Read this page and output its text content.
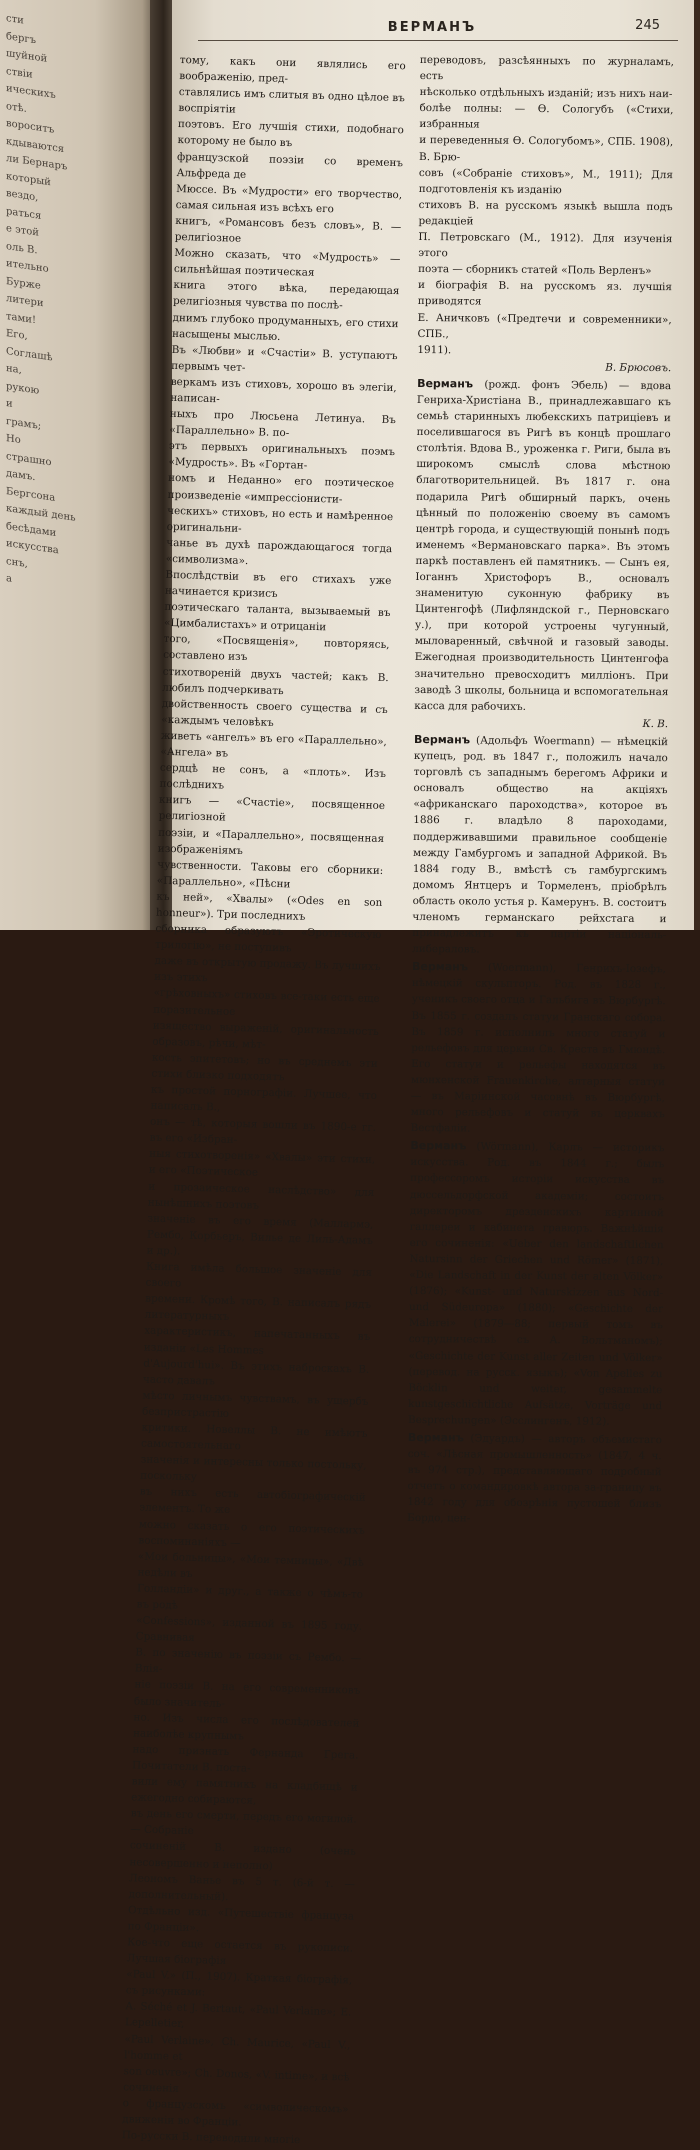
сти
бергъ
шуйной
ствіи
ическихъ
отѣ.
вороситъ
кдываются
ли Бернаръ
который
вездо,
раться
е этой
оль В.
ительно
Бурже
литери
тами!
Его,
Соглашѣ
на,
рукою
и
грамъ;
Но
страшно
дамъ.
Бергсона
каждый день
бесѣдами
искусства
снъ,
а
ВЕРМАНЪ	245

тому, какъ они являлись его воображенію, пред-

ставлялись имъ слитыя въ одно цѣлое въ воспріятіи

поэтовъ. Его лучшія стихи, подобнаго которому не было въ

французской поэзіи со временъ Альфреда де

Мюссе. Въ «Мудрости» его творчество, самая сильная изъ всѣхъ его

книгъ, «Романсовъ безъ словъ», В. — религіозное

Можно сказать, что «Мудрость» — сильнѣйшая поэтическая

книга этого вѣка, передающая религіозныя чувства по послѣ-

днимъ глубоко продуманныхъ, его стихи насыщены мыслью.

Въ «Любви» и «Счастіи» В. уступаютъ первымъ чет-

веркамъ изъ стиховъ, хорошо въ элегіи, написан-

ныхъ про Люсьена Летинуа. Въ «Параллельно» В. по-

этъ первыхъ оригинальныхъ поэмъ «Мудрость». Въ «Гортан-

номъ и Неданно» его поэтическое произведеніе «импрессіонисти-

ческихъ» стиховъ, но есть и намѣренное оригинальни-

чанье въ духѣ парождающагося тогда «символизма».

Впослѣдствіи въ его стихахъ уже начинается кризисъ

поэтическаго таланта, вызываемый въ «Цимбалистахъ» и отрицаніи

того, «Посвященія», повторяясь, составлено изъ

стихотвореній двухъ частей; какъ В. любилъ подчеркивать

двойственность своего существа и съ «каждымъ человѣкъ

живетъ «ангелъ» въ его «Параллельно», «Ангела» въ

сердцѣ не сонъ, а «плоть». Изъ послѣднихъ

книгъ — «Счастіе», посвященное религіозной

поэзіи, и «Параллельно», посвященная изображеніямъ

чувственности. Таковы его сборники: «Параллельно», «Пѣсни

къ ней», «Хвалы» («Odes en son honneur»). Три последнихъ

сборника образуютъ «Эротическую трилогію», не поступивъ

даже въ открытую продажу. Въ лучшихъ изъ этихъ

«грѣховныхъ» стиховъ все-таки есть еще поразительное

изящество выраженій, оригинальность образовъ, рѣчи, мѣт-

кость эпитетовъ; но въ среднемъ эти стихи близко подходятъ

къ простой порнографіи. Лучшее, что написалъ В.,

онъ — тѣ, которыя вошли въ 1890-е гг. въ его «Избран-

ныя стихотворенія» «Хвалы» эти стихи, и его «Поэтическое

и прозаическое наслѣдство» для нынѣшнихъ поэтовъ

значеніе въ его время (Маллармэ, Рембо, Корбьеръ, Вилье де Лиль-Адамъ и др.).

Книга имѣла большое значеніе для своего

времени. Кромѣ того, В. написалъ рядъ литературныхъ

характеристикъ, напечатанныхъ въ изданіи «Les Hommes

d'Aujourd'hui». Въ этихъ наброскахъ В. часто давалъ

мѣсто личнымъ чувствамъ, въ ущербъ безпристрастію

критики. Новеллы В. не имѣютъ самостоятельнаго

значенія и интересны только постольку, поскольку

въ нихъ есть автобіографическій элементъ. То же

можно сказать о его поэтическихъ воспоминаніяхъ —

«Мои больницы», «Мои темницы», «Двѣ недѣли въ

Голландіи» и друг., а также о чѣмъ-то въ родѣ

«Confessions», изданной въ 1895 году. Сравнивая

В. по значенію въ поэзіи съ Рембо. — Влія-

ніе поэзіи В. на его современниковъ было значитель-

но. Изъ числа его послѣдователей наиболѣе крупнымъ

надо признать Фернанда Грега. Почитатели В. поста-

вили ему памятникъ на кладбищѣ и ежегодно собираются,

въ день его смерти, передъ его могилой. — Собраніе

сочиненій В. издано (очень несовершенно и неполно)

Леономъ Ванье въ 5 т. (6-й т. — дополнительный).

Отдѣльно изд. «Путешествіе француза по Франціи».

Кое-что еще остается въ рукописи. Лучшая біографія

«Paul V.» (П., 1907). Краткая біографія, съ рисунками:

A. Séché et J. Bertaut, «Paul Verlaine»; E. Lepelletier,

«Paul Verlaine», Ch. Maurice, «Paul V., l'homme et

son oeuvre»; Ch. Donos, «V. intime», и всѣ сочиненія

о французскомъ «символическомъ» движеніи во Франціи.

По-русски В. переводили многіе

переводовъ, разсѣянныхъ по журналамъ, есть

нѣсколько отдѣльныхъ изданій; изъ нихъ наи-

болѣе полны: — Ѳ. Сологубъ («Стихи, избранныя

и переведенныя Ѳ. Сологубомъ», СПБ. 1908), В. Брю-

совъ («Собраніе стиховъ», М., 1911); Для подготовленія къ изданію

стиховъ В. на русскомъ языкѣ вышла подъ редакціей

П. Петровскаго (М., 1912). Для изученія этого

поэта — сборникъ статей «Поль Верленъ»

и біографія В. на русскомъ яз. лучшія приводятся

Е. Аничковъ («Предтечи и современники», СПБ.,

1911).

В. Брюсовъ.

Верманъ (рожд. фонъ Эбель) — вдова Генриха-Христіана В., принадлежавшаго къ семьѣ старинныхъ любекскихъ патриціевъ и поселившагося въ Ригѣ въ концѣ прошлаго столѣтія. Вдова В., уроженка г. Риги, была въ широкомъ смыслѣ слова мѣстною благотворительницей. Въ 1817 г. она подарила Ригѣ обширный паркъ, очень цѣнный по положенію своему въ самомъ центрѣ города, и существующій понынѣ подъ именемъ «Вермановскаго парка». Въ этомъ паркѣ поставленъ ей памятникъ. — Сынъ ея, Іоганнъ Христофоръ В., основалъ знаменитую суконную фабрику въ Цинтенгофѣ (Лифляндской г., Перновскаго у.), при которой устроены чугунный, мыловаренный, свѣчной и газовый заводы. Ежегодная производительность Цинтенгофа значительно превосходитъ милліонъ. При заводѣ 3 школы, больница и вспомогательная касса для рабочихъ.

К. В.

Верманъ (Адольфъ Woermann) — нѣмецкій купецъ, род. въ 1847 г., положилъ начало торговлѣ съ западнымъ берегомъ Африки и основалъ общество на акціяхъ «африканскаго пароходства», которое въ 1886 г. владѣло 8 пароходами, поддерживавшими правильное сообщеніе между Гамбургомъ и западной Африкой. Въ 1884 году В., вмѣстѣ съ гамбургскимъ домомъ Янтцеръ и Тормеленъ, пріобрѣлъ область около устья р. Камерунъ. В. состоитъ членомъ германскаго рейхстага и принадлежитъ къ партіи національ-либераловъ.

Верманъ (Woermann), Генрихъ-Іозефъ, нѣмецкій скульпторъ. Род. въ 1828 г., ученикъ своего отца и Гальбига въ Вюрбургѣ. Въ 1855 г. создалъ статуи Гранскаго собора. Въ 1859 г. исполнилъ много статуй и рельефовъ для церкви Св. Креста въ Гмюндѣ. Его статуи и рельефы находятся въ мюнхенской Frauenkirche, алтарныя статуи — въ Маріинской часовнѣ въ Вюрбургѣ, много рельефовъ и статуй въ церквахъ Вестфаліи.

Верманъ (Wörmann), Карлъ — историкъ искусства. Род. въ 1844 г.; былъ профессоромъ исторіи искусства въ дюссельдорфской академіи; состоитъ директоромъ дрезденскихъ картинной галлереи и кабинета гравюръ. Важнѣйшія его сочиненія: «Ueber den landschaftlichen Natursinn der Griechen und Römer» (1871), «Die Landschaft in der Kunst der alten Völker» (1876); «Kunst- und Naturskizzen aus Nord- und Südeuropa» (1880); «Geschichte der Malerei» (1879—88; первый томъ въ сотрудничествѣ съ А. Вольтманомъ); «Geschichte der Kunst aller Zeiten und Völker» (перевод. на русск. языкъ); «Von Apelles zu Böcklin und weiter, gesammelte kunstgeschichtliche Aufsätze, Vorträge und Besprechungen» (Эсслингенъ, 1912).

Верманъ (Эдуардъ) — авторъ объемистаго соч. «Лѣсная промышленность» (1847, 4 ч. въ 974 стр.), представляющаго подробный отчетъ о командировкѣ автора за-границу въ 1842 году для обозрѣнія пустошей близъ Бордо, цен-
